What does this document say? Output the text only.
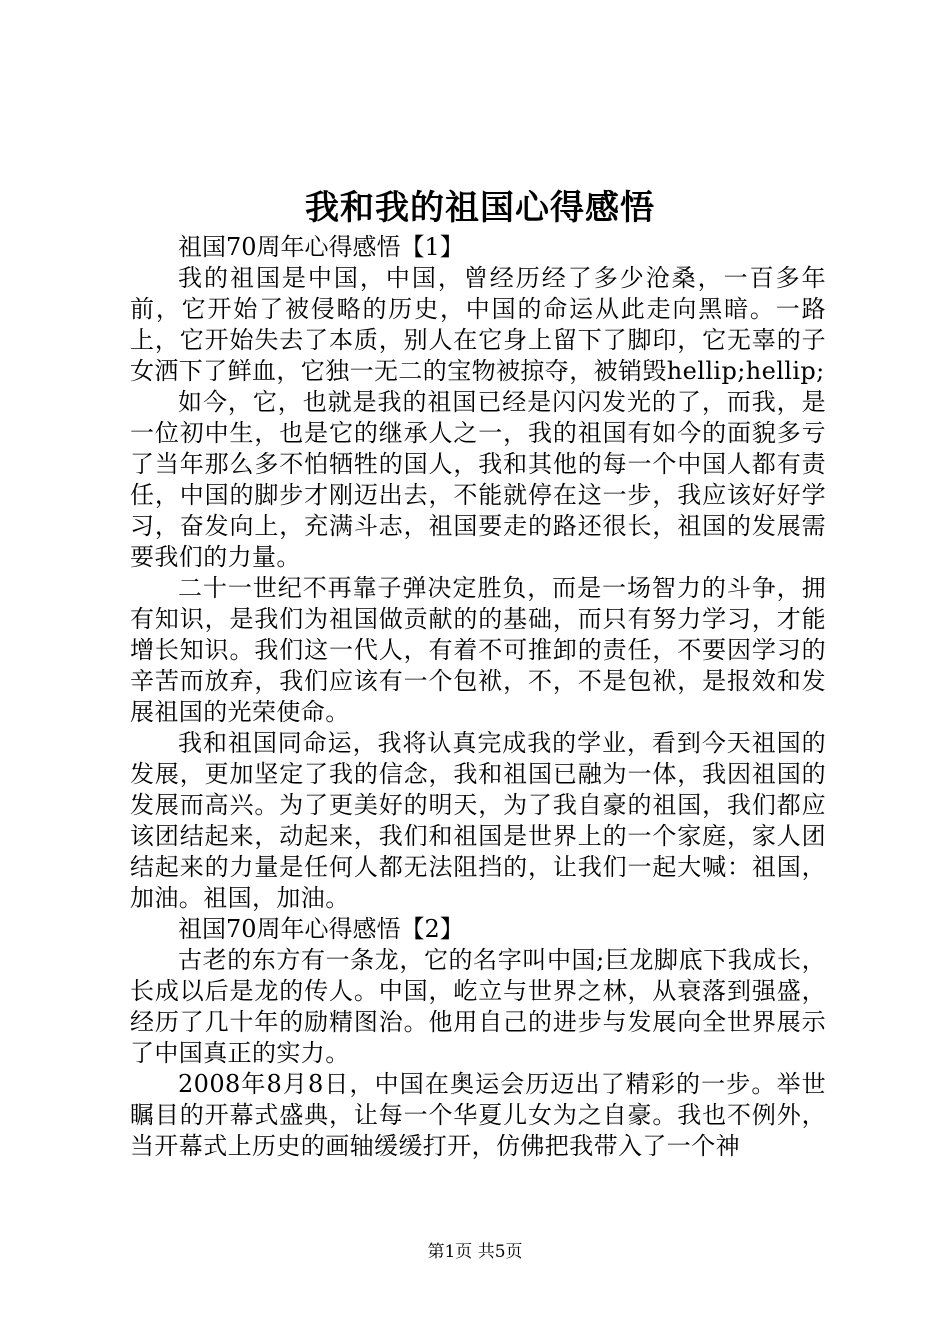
我和我的祖国心得感悟

祖国70周年心得感悟【1】

我的祖国是中国，中国，曾经历经了多少沧桑，一百多年前，它开始了被侵略的历史，中国的命运从此走向黑暗。一路上，它开始失去了本质，别人在它身上留下了脚印，它无辜的子女洒下了鲜血，它独一无二的宝物被掠夺，被销毁hellip;hellip;

如今，它，也就是我的祖国已经是闪闪发光的了，而我，是一位初中生，也是它的继承人之一，我的祖国有如今的面貌多亏了当年那么多不怕牺牲的国人，我和其他的每一个中国人都有责任，中国的脚步才刚迈出去，不能就停在这一步，我应该好好学习，奋发向上，充满斗志，祖国要走的路还很长，祖国的发展需要我们的力量。

二十一世纪不再靠子弹决定胜负，而是一场智力的斗争，拥有知识，是我们为祖国做贡献的的基础，而只有努力学习，才能增长知识。我们这一代人，有着不可推卸的责任，不要因学习的辛苦而放弃，我们应该有一个包袱，不，不是包袱，是报效和发展祖国的光荣使命。

我和祖国同命运，我将认真完成我的学业，看到今天祖国的发展，更加坚定了我的信念，我和祖国已融为一体，我因祖国的发展而高兴。为了更美好的明天，为了我自豪的祖国，我们都应该团结起来，动起来，我们和祖国是世界上的一个家庭，家人团结起来的力量是任何人都无法阻挡的，让我们一起大喊：祖国，加油。祖国，加油。

祖国70周年心得感悟【2】

古老的东方有一条龙，它的名字叫中国;巨龙脚底下我成长，长成以后是龙的传人。中国，屹立与世界之林，从衰落到强盛，经历了几十年的励精图治。他用自己的进步与发展向全世界展示了中国真正的实力。

2008年8月8日，中国在奥运会历迈出了精彩的一步。举世瞩目的开幕式盛典，让每一个华夏儿女为之自豪。我也不例外，当开幕式上历史的画轴缓缓打开，仿佛把我带入了一个神

第1页 共5页
